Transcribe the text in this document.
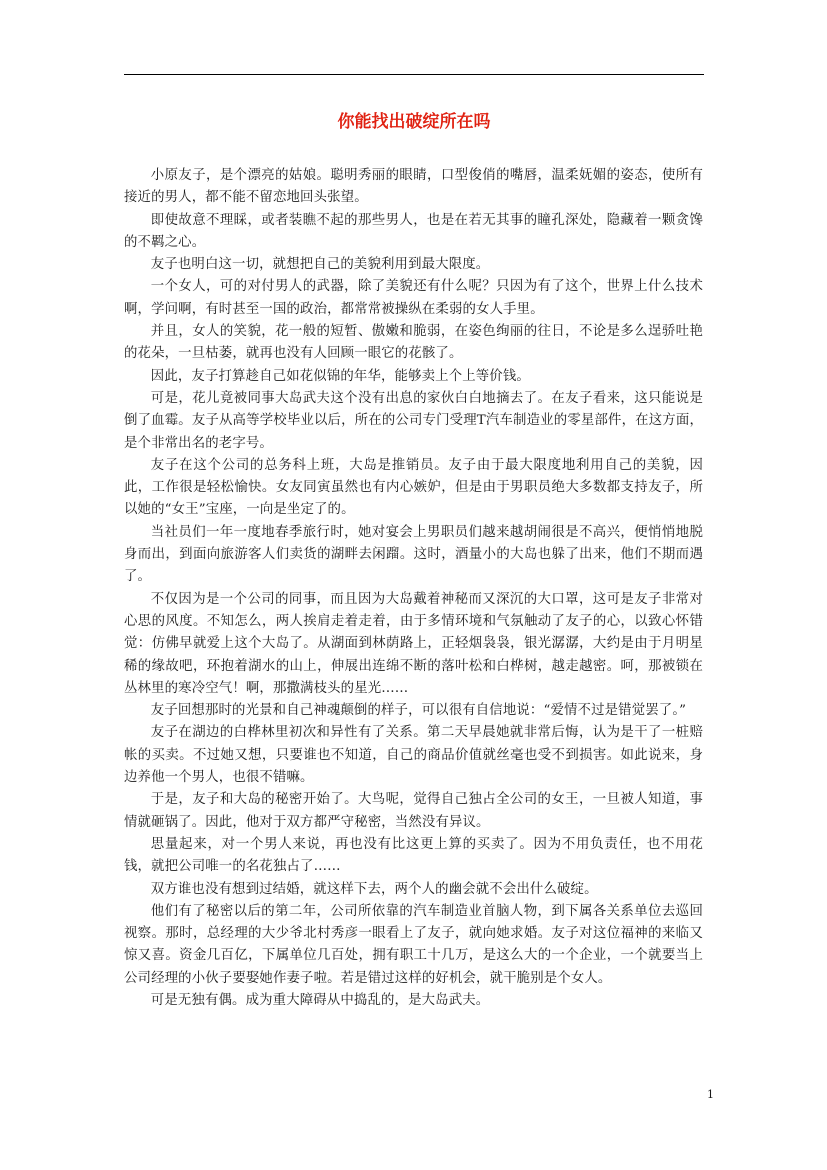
你能找出破绽所在吗

小原友子，是个漂亮的姑娘。聪明秀丽的眼睛，口型俊俏的嘴唇，温柔妩媚的姿态，使所有接近的男人，都不能不留恋地回头张望。

即使故意不理睬，或者装瞧不起的那些男人，也是在若无其事的瞳孔深处，隐藏着一颗贪馋的不羁之心。

友子也明白这一切，就想把自己的美貌利用到最大限度。

一个女人，可的对付男人的武器，除了美貌还有什么呢？只因为有了这个，世界上什么技术啊，学问啊，有时甚至一国的政治，都常常被操纵在柔弱的女人手里。

并且，女人的笑貌，花一般的短暂、傲嫩和脆弱，在姿色绚丽的往日，不论是多么逞骄吐艳的花朵，一旦枯萎，就再也没有人回顾一眼它的花骸了。

因此，友子打算趁自己如花似锦的年华，能够卖上个上等价钱。

可是，花儿竟被同事大岛武夫这个没有出息的家伙白白地摘去了。在友子看来，这只能说是倒了血霉。友子从高等学校毕业以后，所在的公司专门受理T汽车制造业的零星部件，在这方面，是个非常出名的老字号。

友子在这个公司的总务科上班，大岛是推销员。友子由于最大限度地利用自己的美貌，因此，工作很是轻松愉快。女友同寅虽然也有内心嫉妒，但是由于男职员绝大多数都支持友子，所以她的“女王”宝座，一向是坐定了的。

当社员们一年一度地春季旅行时，她对宴会上男职员们越来越胡闹很是不高兴，便悄悄地脱身而出，到面向旅游客人们卖货的湖畔去闲蹓。这时，酒量小的大岛也躲了出来，他们不期而遇了。

不仅因为是一个公司的同事，而且因为大岛戴着神秘而又深沉的大口罩，这可是友子非常对心思的风度。不知怎么，两人挨肩走着走着，由于多情环境和气氛触动了友子的心，以致心怀错觉：仿佛早就爱上这个大岛了。从湖面到林荫路上，正轻烟袅袅，银光潺潺，大约是由于月明星稀的缘故吧，环抱着湖水的山上，伸展出连绵不断的落叶松和白桦树，越走越密。呵，那被锁在丛林里的寒冷空气！啊，那撒满枝头的星光……

友子回想那时的光景和自己神魂颠倒的样子，可以很有自信地说：“爱情不过是错觉罢了。”

友子在湖边的白桦林里初次和异性有了关系。第二天早晨她就非常后悔，认为是干了一桩赔帐的买卖。不过她又想，只要谁也不知道，自己的商品价值就丝毫也受不到损害。如此说来，身边养他一个男人，也很不错嘛。

于是，友子和大岛的秘密开始了。大鸟呢，觉得自己独占全公司的女王，一旦被人知道，事情就砸锅了。因此，他对于双方都严守秘密，当然没有异议。

思量起来，对一个男人来说，再也没有比这更上算的买卖了。因为不用负责任，也不用花钱，就把公司唯一的名花独占了……

双方谁也没有想到过结婚，就这样下去，两个人的幽会就不会出什么破绽。

他们有了秘密以后的第二年，公司所依靠的汽车制造业首脑人物，到下属各关系单位去巡回视察。那时，总经理的大少爷北村秀彦一眼看上了友子，就向她求婚。友子对这位福神的来临又惊又喜。资金几百亿，下属单位几百处，拥有职工十几万，是这么大的一个企业，一个就要当上公司经理的小伙子要娶她作妻子啦。若是错过这样的好机会，就干脆别是个女人。

可是无独有偶。成为重大障碍从中捣乱的，是大岛武夫。

1
